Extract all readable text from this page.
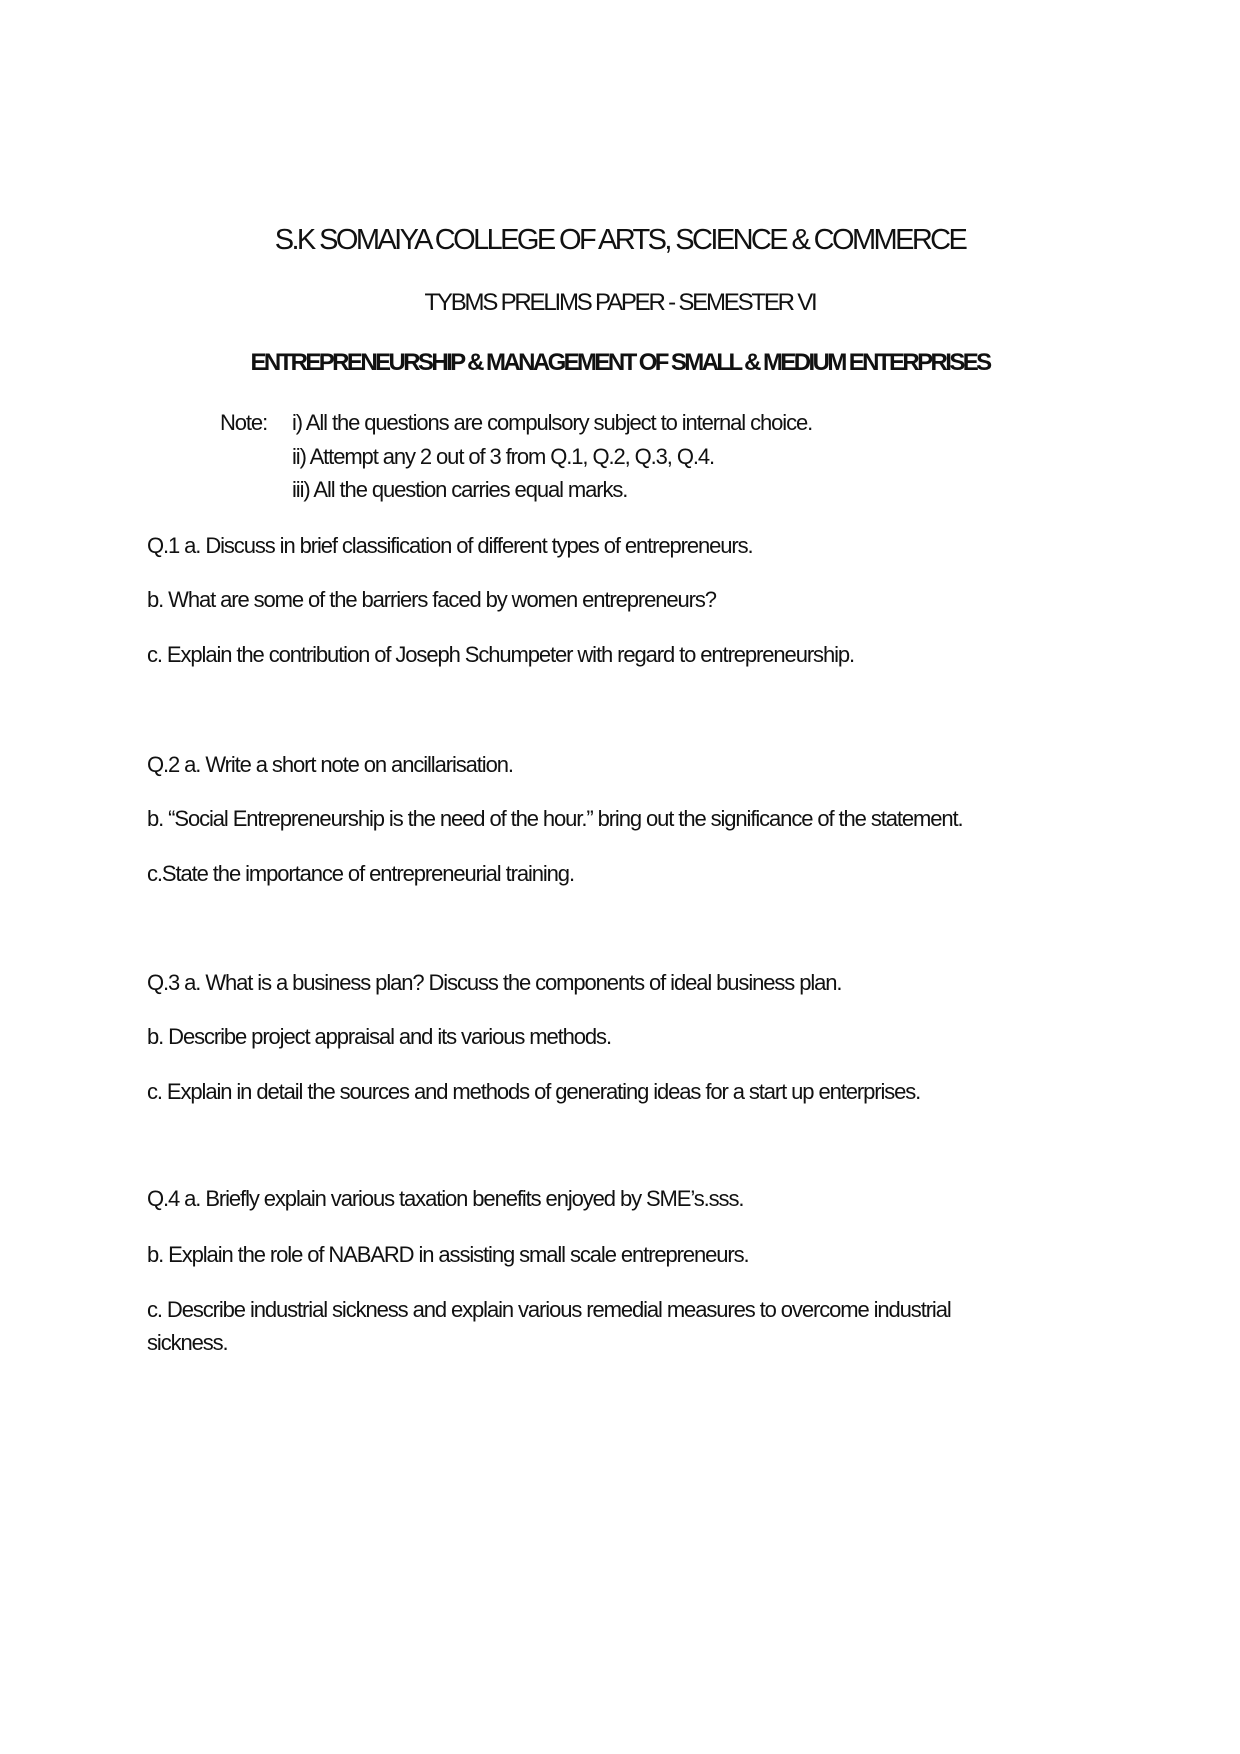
S.K SOMAIYA COLLEGE OF ARTS, SCIENCE & COMMERCE
TYBMS PRELIMS PAPER - SEMESTER VI
ENTREPRENEURSHIP & MANAGEMENT OF SMALL & MEDIUM ENTERPRISES
Note: i) All the questions are compulsory subject to internal choice.
ii) Attempt any 2 out of 3 from Q.1, Q.2, Q.3, Q.4.
iii) All the question carries equal marks.
Q.1 a. Discuss in brief classification of different types of entrepreneurs.
b. What are some of the barriers faced by women entrepreneurs?
c. Explain the contribution of Joseph Schumpeter with regard to entrepreneurship.
Q.2 a. Write a short note on ancillarisation.
b. “Social Entrepreneurship is the need of the hour.” bring out the significance of the statement.
c.State the importance of entrepreneurial training.
Q.3 a. What is a business plan? Discuss the components of ideal business plan.
b. Describe project appraisal and its various methods.
c. Explain in detail the sources and methods of generating ideas for a start up enterprises.
Q.4 a. Briefly explain various taxation benefits enjoyed by SME’s.sss.
b. Explain the role of NABARD in assisting small scale entrepreneurs.
c. Describe industrial sickness and explain various remedial measures to overcome industrial
sickness.
